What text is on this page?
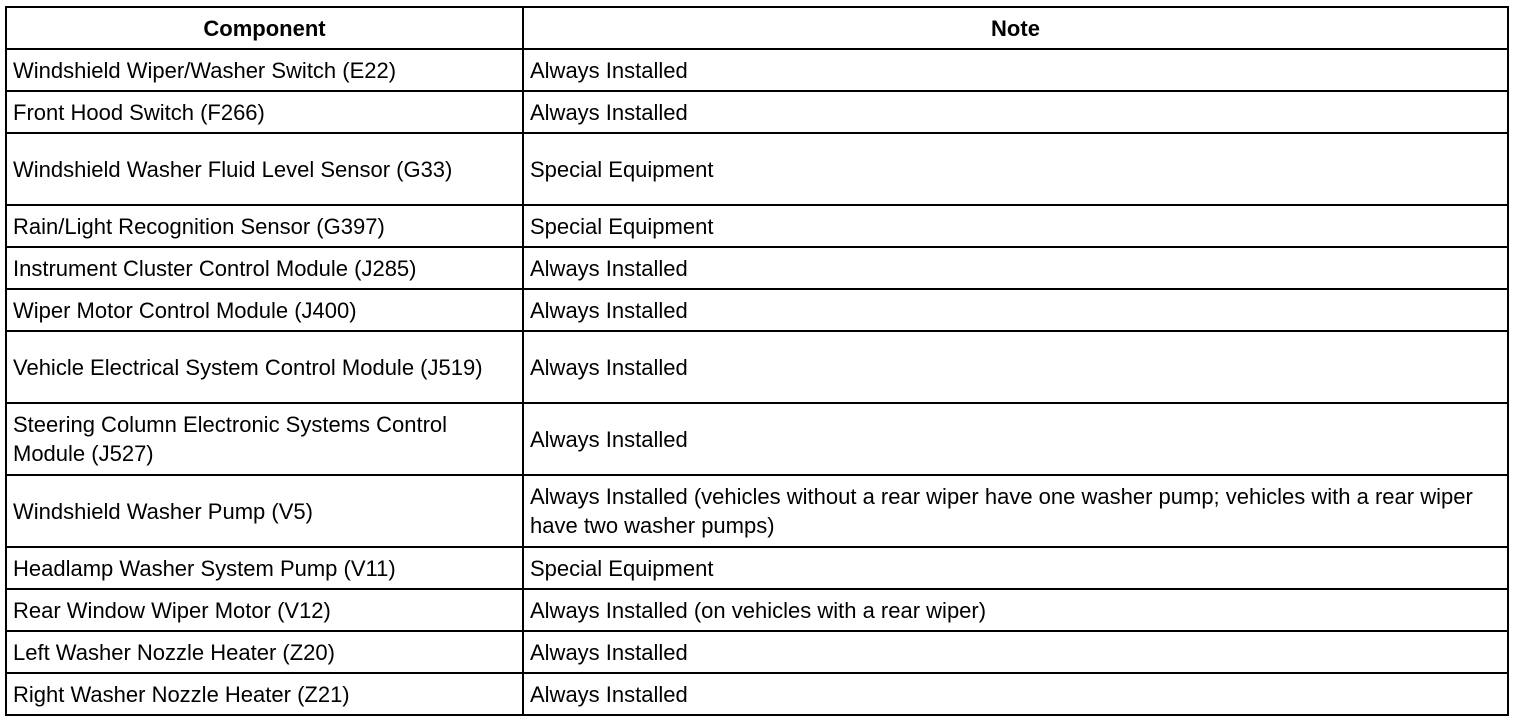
Component	Note
Windshield Wiper/Washer Switch (E22)	Always Installed
Front Hood Switch (F266)	Always Installed
Windshield Washer Fluid Level Sensor (G33)	Special Equipment
Rain/Light Recognition Sensor (G397)	Special Equipment
Instrument Cluster Control Module (J285)	Always Installed
Wiper Motor Control Module (J400)	Always Installed
Vehicle Electrical System Control Module (J519)	Always Installed
Steering Column Electronic Systems Control Module (J527)	Always Installed
Windshield Washer Pump (V5)	Always Installed (vehicles without a rear wiper have one washer pump; vehicles with a rear wiper have two washer pumps)
Headlamp Washer System Pump (V11)	Special Equipment
Rear Window Wiper Motor (V12)	Always Installed (on vehicles with a rear wiper)
Left Washer Nozzle Heater (Z20)	Always Installed
Right Washer Nozzle Heater (Z21)	Always Installed
